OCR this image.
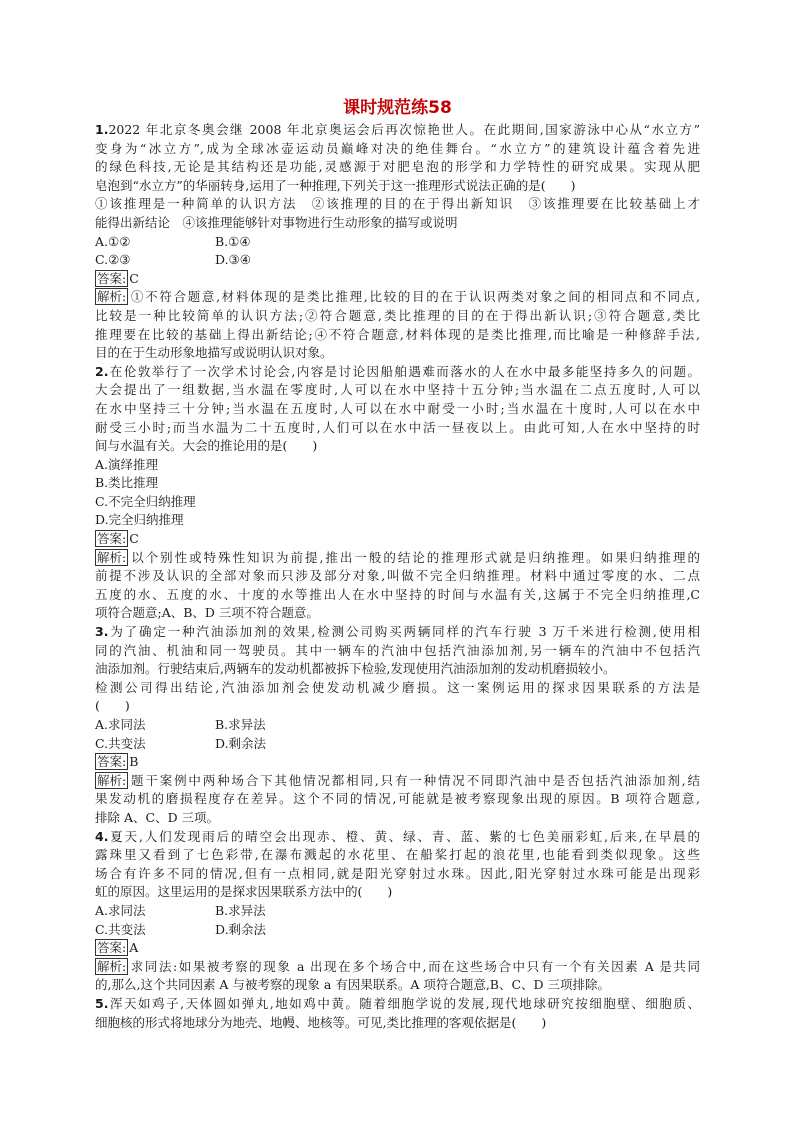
课时规范练58

1.2022 年北京冬奥会继 2008 年北京奥运会后再次惊艳世人。在此期间,国家游泳中心从“水立方”

变身为“冰立方”,成为全球冰壶运动员巅峰对决的绝佳舞台。“水立方”的建筑设计蕴含着先进

的绿色科技,无论是其结构还是功能,灵感源于对肥皂泡的形学和力学特性的研究成果。实现从肥

皂泡到“水立方”的华丽转身,运用了一种推理,下列关于这一推理形式说法正确的是(　　)

①该推理是一种简单的认识方法　②该推理的目的在于得出新知识　③该推理要在比较基础上才

能得出新结论　④该推理能够针对事物进行生动形象的描写或说明

A.①②	B.①④
C.②③	D.③④

答案: C

解析: ①不符合题意,材料体现的是类比推理,比较的目的在于认识两类对象之间的相同点和不同点,

比较是一种比较简单的认识方法;②符合题意,类比推理的目的在于得出新认识;③符合题意,类比

推理要在比较的基础上得出新结论;④不符合题意,材料体现的是类比推理,而比喻是一种修辞手法,

目的在于生动形象地描写或说明认识对象。

2.在伦敦举行了一次学术讨论会,内容是讨论因船舶遇难而落水的人在水中最多能坚持多久的问题。

大会提出了一组数据,当水温在零度时,人可以在水中坚持十五分钟;当水温在二点五度时,人可以

在水中坚持三十分钟;当水温在五度时,人可以在水中耐受一小时;当水温在十度时,人可以在水中

耐受三小时;而当水温为二十五度时,人们可以在水中活一昼夜以上。由此可知,人在水中坚持的时

间与水温有关。大会的推论用的是(　　)

A.演绎推理

B.类比推理

C.不完全归纳推理

D.完全归纳推理

答案: C

解析: 以个别性或特殊性知识为前提,推出一般的结论的推理形式就是归纳推理。如果归纳推理的

前提不涉及认识的全部对象而只涉及部分对象,叫做不完全归纳推理。材料中通过零度的水、二点

五度的水、五度的水、十度的水等推出人在水中坚持的时间与水温有关,这属于不完全归纳推理,C

项符合题意;A、B、D 三项不符合题意。

3.为了确定一种汽油添加剂的效果,检测公司购买两辆同样的汽车行驶 3 万千米进行检测,使用相

同的汽油、机油和同一驾驶员。其中一辆车的汽油中包括汽油添加剂,另一辆车的汽油中不包括汽

油添加剂。行驶结束后,两辆车的发动机都被拆下检验,发现使用汽油添加剂的发动机磨损较小。

检测公司得出结论,汽油添加剂会使发动机减少磨损。这一案例运用的探求因果联系的方法是

(　　)

A.求同法	B.求异法
C.共变法	D.剩余法

答案: B

解析: 题干案例中两种场合下其他情况都相同,只有一种情况不同即汽油中是否包括汽油添加剂,结

果发动机的磨损程度存在差异。这个不同的情况,可能就是被考察现象出现的原因。B 项符合题意,

排除 A、C、D 三项。

4.夏天,人们发现雨后的晴空会出现赤、橙、黄、绿、青、蓝、紫的七色美丽彩虹,后来,在早晨的

露珠里又看到了七色彩带,在瀑布溅起的水花里、在船桨打起的浪花里,也能看到类似现象。这些

场合有许多不同的情况,但有一点相同,就是阳光穿射过水珠。因此,阳光穿射过水珠可能是出现彩

虹的原因。这里运用的是探求因果联系方法中的(　　)

A.求同法	B.求异法
C.共变法	D.剩余法

答案: A

解析: 求同法:如果被考察的现象 a 出现在多个场合中,而在这些场合中只有一个有关因素 A 是共同

的,那么,这个共同因素 A 与被考察的现象 a 有因果联系。A 项符合题意,B、C、D 三项排除。

5.浑天如鸡子,天体圆如弹丸,地如鸡中黄。随着细胞学说的发展,现代地球研究按细胞壁、细胞质、

细胞核的形式将地球分为地壳、地幔、地核等。可见,类比推理的客观依据是(　　)
